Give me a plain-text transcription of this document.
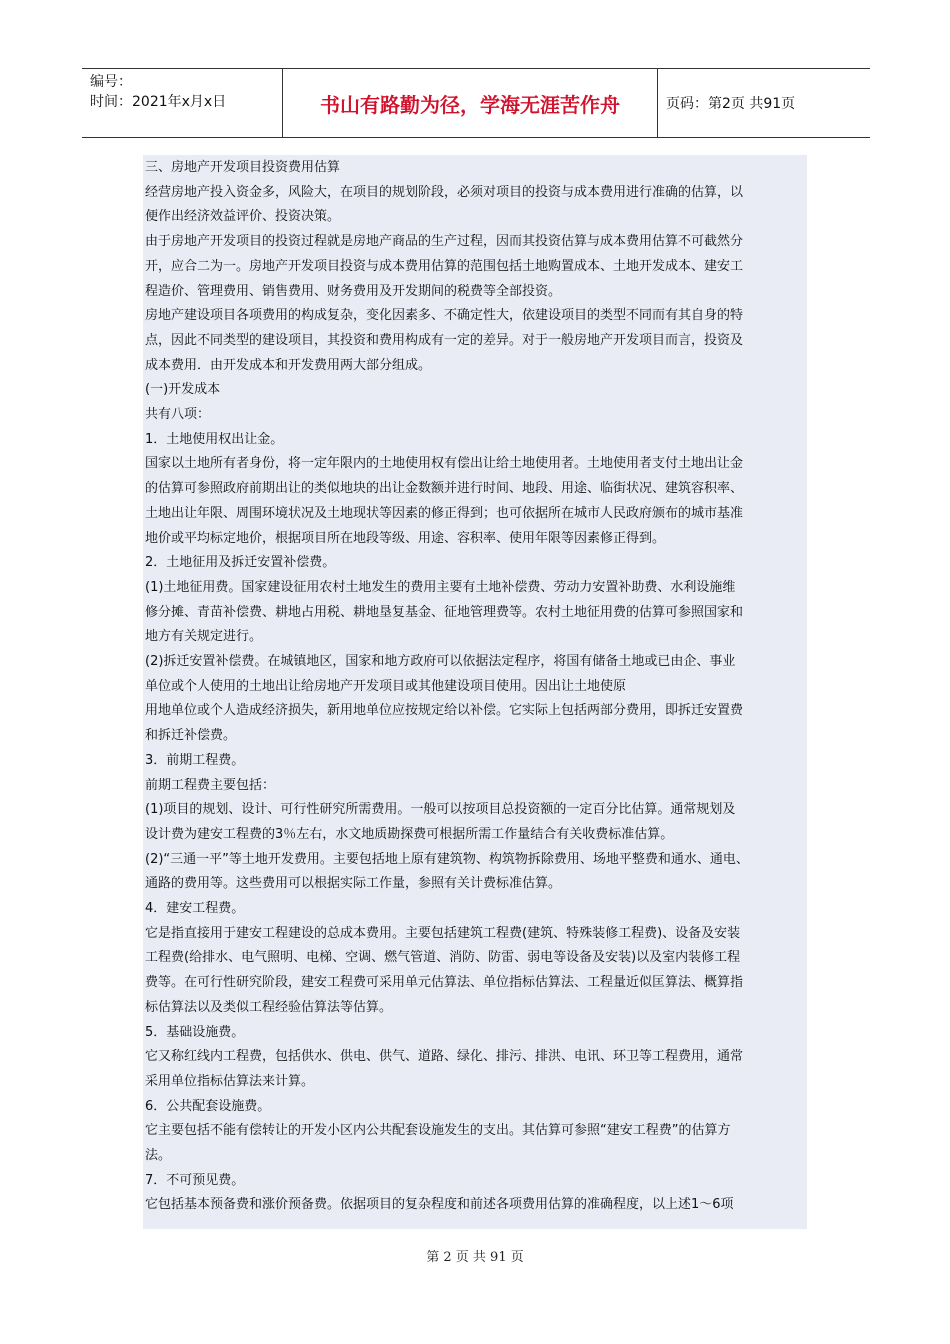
编号：
时间：2021年x月x日	书山有路勤为径，学海无涯苦作舟	页码：第2页 共91页
三、房地产开发项目投资费用估算
经营房地产投入资金多，风险大，在项目的规划阶段，必须对项目的投资与成本费用进行准确的估算，以
便作出经济效益评价、投资决策。
由于房地产开发项目的投资过程就是房地产商品的生产过程，因而其投资估算与成本费用估算不可截然分
开，应合二为一。房地产开发项目投资与成本费用估算的范围包括土地购置成本、土地开发成本、建安工
程造价、管理费用、销售费用、财务费用及开发期间的税费等全部投资。
房地产建设项目各项费用的构成复杂，变化因素多、不确定性大，依建设项目的类型不同而有其自身的特
点，因此不同类型的建设项目，其投资和费用构成有一定的差异。对于一般房地产开发项目而言，投资及
成本费用．由开发成本和开发费用两大部分组成。
(一)开发成本
共有八项：
1．土地使用权出让金。
国家以土地所有者身份，将一定年限内的土地使用权有偿出让给土地使用者。土地使用者支付土地出让金
的估算可参照政府前期出让的类似地块的出让金数额并进行时间、地段、用途、临街状况、建筑容积率、
土地出让年限、周围环境状况及土地现状等因素的修正得到；也可依据所在城市人民政府颁布的城市基准
地价或平均标定地价，根据项目所在地段等级、用途、容积率、使用年限等因素修正得到。
2．土地征用及拆迁安置补偿费。
(1)土地征用费。国家建设征用农村土地发生的费用主要有土地补偿费、劳动力安置补助费、水利设施维
修分摊、青苗补偿费、耕地占用税、耕地垦复基金、征地管理费等。农村土地征用费的估算可参照国家和
地方有关规定进行。
(2)拆迁安置补偿费。在城镇地区，国家和地方政府可以依据法定程序，将国有储备土地或已由企、事业
单位或个人使用的土地出让给房地产开发项目或其他建设项目使用。因出让土地使原
用地单位或个人造成经济损失，新用地单位应按规定给以补偿。它实际上包括两部分费用，即拆迁安置费
和拆迁补偿费。
3．前期工程费。
前期工程费主要包括：
(1)项目的规划、设计、可行性研究所需费用。一般可以按项目总投资额的一定百分比估算。通常规划及
设计费为建安工程费的3％左右，水文地质勘探费可根据所需工作量结合有关收费标准估算。
(2)“三通一平”等土地开发费用。主要包括地上原有建筑物、构筑物拆除费用、场地平整费和通水、通电、
通路的费用等。这些费用可以根据实际工作量，参照有关计费标准估算。
4．建安工程费。
它是指直接用于建安工程建设的总成本费用。主要包括建筑工程费(建筑、特殊装修工程费)、设备及安装
工程费(给排水、电气照明、电梯、空调、燃气管道、消防、防雷、弱电等设备及安装)以及室内装修工程
费等。在可行性研究阶段，建安工程费可采用单元估算法、单位指标估算法、工程量近似匡算法、概算指
标估算法以及类似工程经验估算法等估算。
5．基础设施费。
它又称红线内工程费，包括供水、供电、供气、道路、绿化、排污、排洪、电讯、环卫等工程费用，通常
采用单位指标估算法来计算。
6．公共配套设施费。
它主要包括不能有偿转让的开发小区内公共配套设施发生的支出。其估算可参照“建安工程费”的估算方
法。
7．不可预见费。
它包括基本预备费和涨价预备费。依据项目的复杂程度和前述各项费用估算的准确程度，以上述1～6项
第 2 页 共 91 页
